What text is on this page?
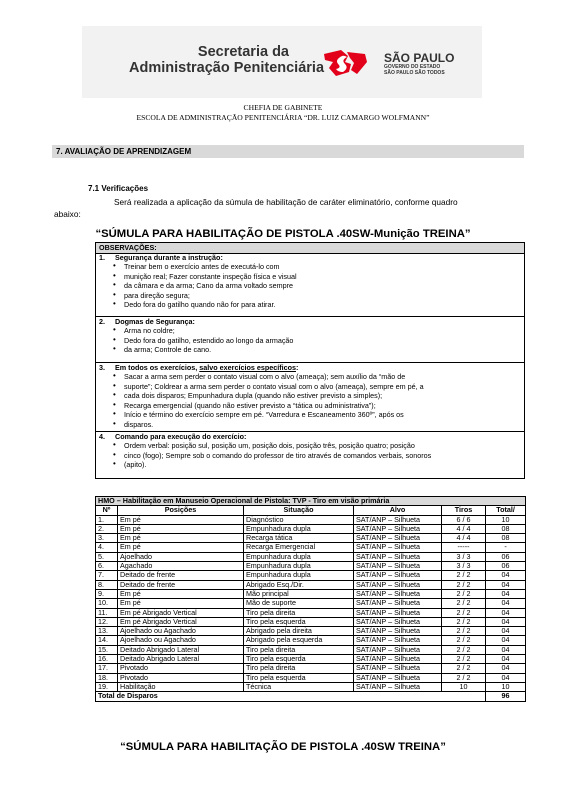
Secretaria da
Administração Penitenciária
SÃO PAULO
GOVERNO DO ESTADO
SÃO PAULO SÃO TODOS
CHEFIA DE GABINETE
ESCOLA DE ADMINISTRAÇÃO PENITENCIÁRIA “DR. LUIZ CAMARGO WOLFMANN”
7. AVALIAÇÃO DE APRENDIZAGEM
7.1 Verificações
Será realizada a aplicação da súmula de habilitação de caráter eliminatório, conforme quadro
abaixo:
“SÚMULA PARA HABILITAÇÃO DE PISTOLA .40SW-Munição TREINA”
OBSERVAÇÕES:
1. Segurança durante a instrução:
• Treinar bem o exercício antes de executá-lo com
• munição real; Fazer constante inspeção física e visual
• da câmara e da arma; Cano da arma voltado sempre
• para direção segura;
• Dedo fora do gatilho quando não for para atirar.
2. Dogmas de Segurança:
• Arma no coldre;
• Dedo fora do gatilho, estendido ao longo da armação
• da arma; Controle de cano.
3. Em todos os exercícios, salvo exercícios específicos:
• Sacar a arma sem perder o contato visual com o alvo (ameaça); sem auxílio da “mão de
• suporte”; Coldrear a arma sem perder o contato visual com o alvo (ameaça), sempre em pé, a
• cada dois disparos; Empunhadura dupla (quando não estiver previsto a simples);
• Recarga emergencial (quando não estiver previsto a “tática ou administrativa”);
• Início e término do exercício sempre em pé. “Varredura e Escaneamento 360º”, após os
• disparos.
4. Comando para execução do exercício:
• Ordem verbal: posição sul, posição um, posição dois, posição três, posição quatro; posição
• cinco (fogo); Sempre sob o comando do professor de tiro através de comandos verbais, sonoros
• (apito).
HMO – Habilitação em Manuseio Operacional de Pistola: TVP - Tiro em visão primária					
Nº	Posições	Situação	Alvo	Tiros	Total/
1.	Em pé	Diagnóstico	SAT/ANP – Silhueta	6 / 6	10
2.	Em pé	Empunhadura dupla	SAT/ANP – Silhueta	4 / 4	08
3.	Em pé	Recarga tática	SAT/ANP – Silhueta	4 / 4	08
4.	Em pé	Recarga Emergencial	SAT/ANP – Silhueta	-----	-
5.	Ajoelhado	Empunhadura dupla	SAT/ANP – Silhueta	3 / 3	06
6.	Agachado	Empunhadura dupla	SAT/ANP – Silhueta	3 / 3	06
7.	Deitado de frente	Empunhadura dupla	SAT/ANP – Silhueta	2 / 2	04
8.	Deitado de frente	Abrigado Esq./Dir.	SAT/ANP – Silhueta	2 / 2	04
9.	Em pé	Mão principal	SAT/ANP – Silhueta	2 / 2	04
10.	Em pé	Mão de suporte	SAT/ANP – Silhueta	2 / 2	04
11.	Em pé Abrigado Vertical	Tiro pela direita	SAT/ANP – Silhueta	2 / 2	04
12.	Em pé Abrigado Vertical	Tiro pela esquerda	SAT/ANP – Silhueta	2 / 2	04
13.	Ajoelhado ou Agachado	Abrigado pela direita	SAT/ANP – Silhueta	2 / 2	04
14.	Ajoelhado ou Agachado	Abrigado pela esquerda	SAT/ANP – Silhueta	2 / 2	04
15.	Deitado Abrigado Lateral	Tiro pela direita	SAT/ANP – Silhueta	2 / 2	04
16.	Deitado Abrigado Lateral	Tiro pela esquerda	SAT/ANP – Silhueta	2 / 2	04
17.	Pivotado	Tiro pela direita	SAT/ANP – Silhueta	2 / 2	04
18.	Pivotado	Tiro pela esquerda	SAT/ANP – Silhueta	2 / 2	04
19.	Habilitação	Técnica	SAT/ANP – Silhueta	10	10
Total de Disparos					96
“SÚMULA PARA HABILITAÇÃO DE PISTOLA .40SW TREINA”
